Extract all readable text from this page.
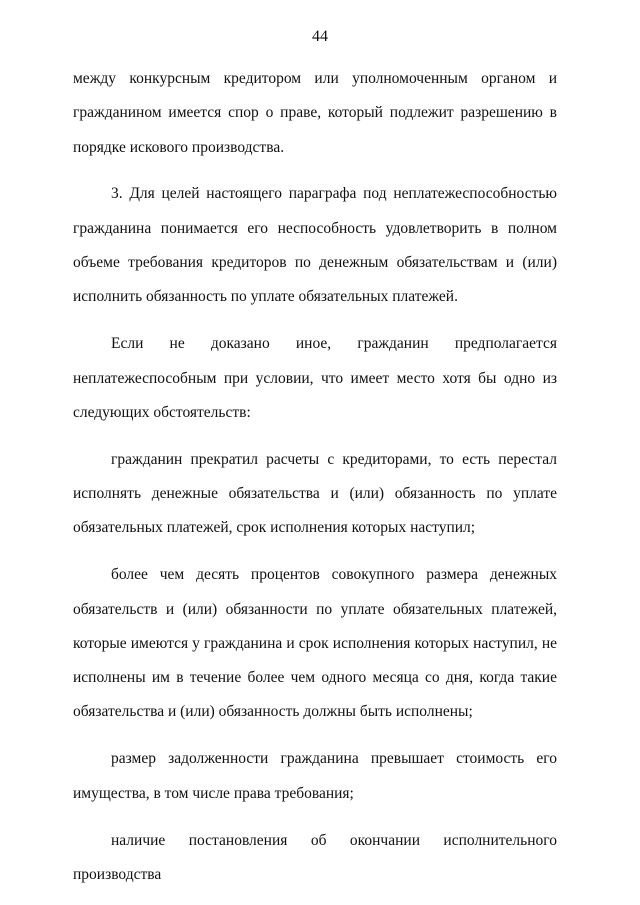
44

между конкурсным кредитором или уполномоченным органом и гражданином имеется спор о праве, который подлежит разрешению в порядке искового производства.

3. Для целей настоящего параграфа под неплатежеспособностью гражданина понимается его неспособность удовлетворить в полном объеме требования кредиторов по денежным обязательствам и (или) исполнить обязанность по уплате обязательных платежей.

Если не доказано иное, гражданин предполагается неплатежеспособным при условии, что имеет место хотя бы одно из следующих обстоятельств:

гражданин прекратил расчеты с кредиторами, то есть перестал исполнять денежные обязательства и (или) обязанность по уплате обязательных платежей, срок исполнения которых наступил;

более чем десять процентов совокупного размера денежных обязательств и (или) обязанности по уплате обязательных платежей, которые имеются у гражданина и срок исполнения которых наступил, не исполнены им в течение более чем одного месяца со дня, когда такие обязательства и (или) обязанность должны быть исполнены;

размер задолженности гражданина превышает стоимость его имущества, в том числе права требования;

наличие постановления об окончании исполнительного производства
